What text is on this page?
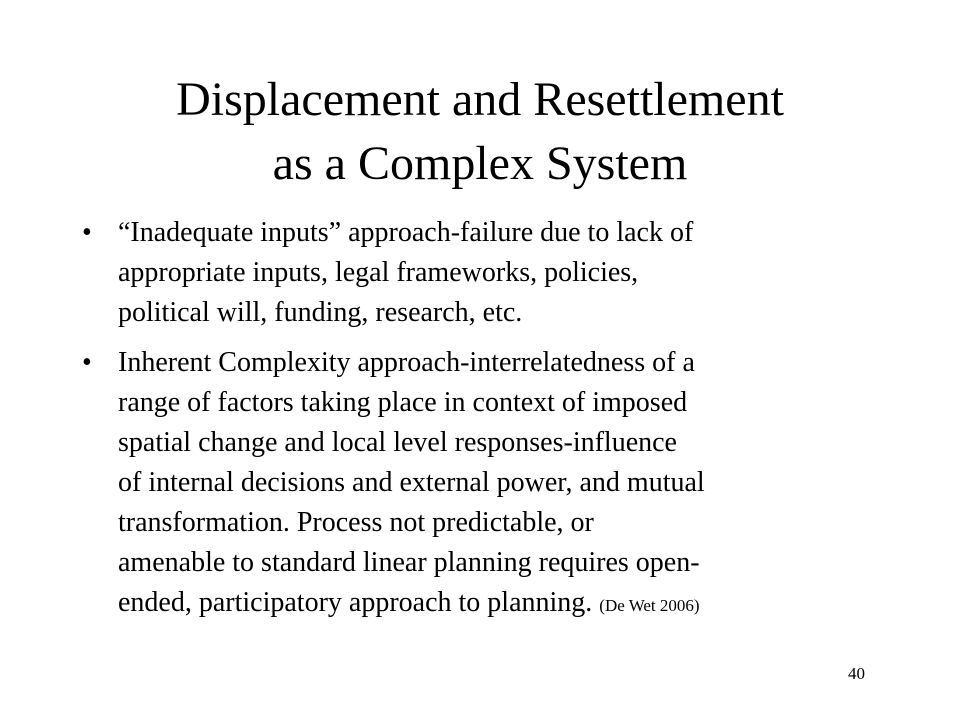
Displacement and Resettlement
as a Complex System
• “Inadequate inputs” approach-failure due to lack of
appropriate inputs, legal frameworks, policies,
political will, funding, research, etc.
• Inherent Complexity approach-interrelatedness of a
range of factors taking place in context of imposed
spatial change and local level responses-influence
of internal decisions and external power, and mutual
transformation. Process not predictable, or
amenable to standard linear planning requires open-
ended, participatory approach to planning. (De Wet 2006)
40
